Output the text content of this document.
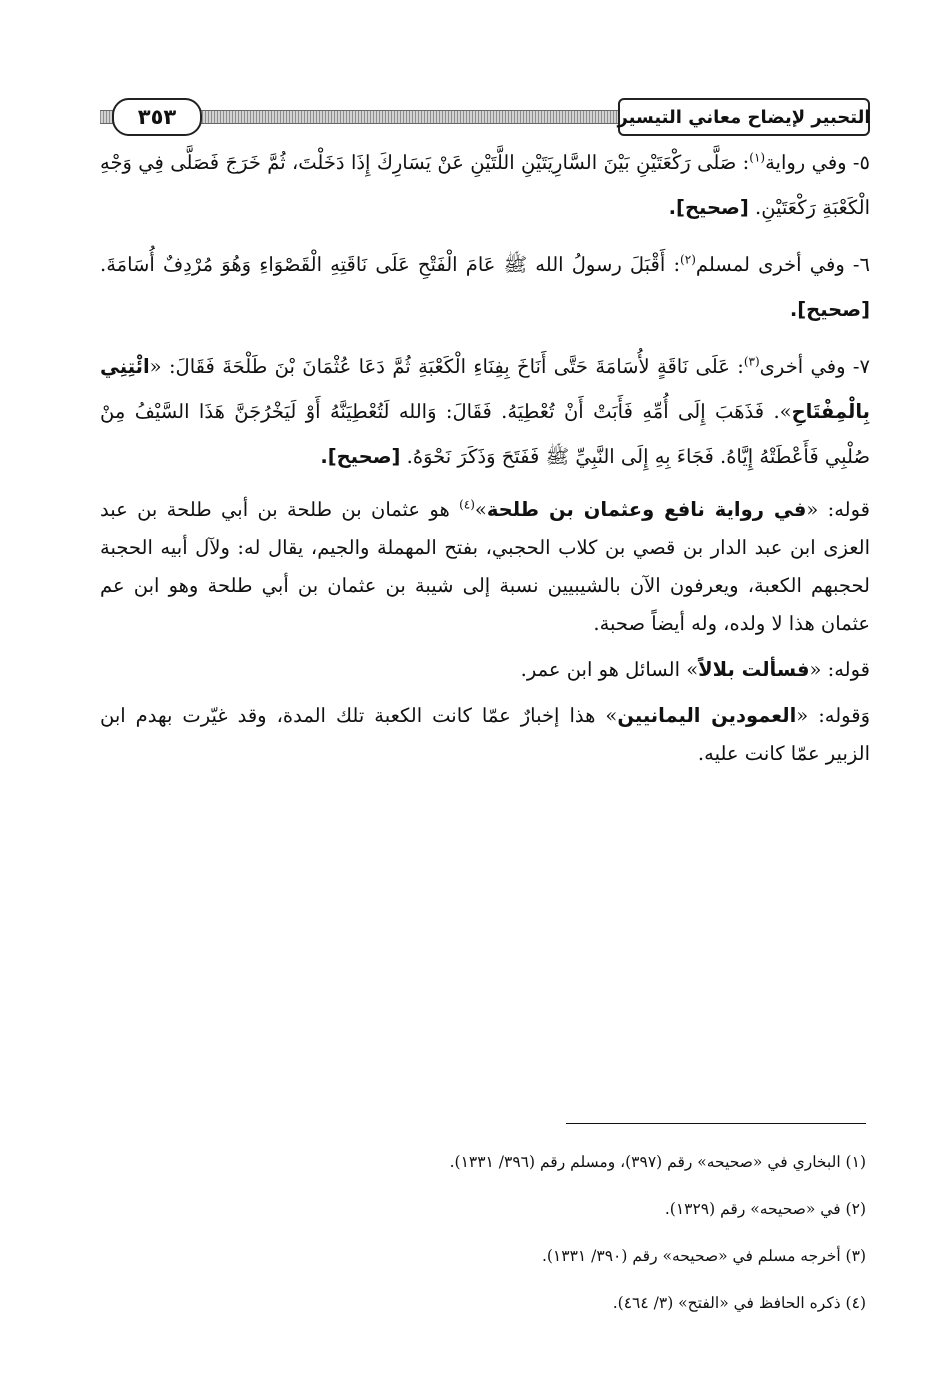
٣٥٣	التحبير لإيضاح معاني التيسير

٥- وفي رواية$^{(١)}$: صَلَّى رَكْعَتَيْنِ بَيْنَ السَّارِيَتَيْنِ اللَّتَيْنِ عَنْ يَسَارِكَ إِذَا دَخَلْتَ، ثُمَّ خَرَجَ فَصَلَّى فِي وَجْهِ الْكَعْبَةِ رَكْعَتَيْنِ. [صحيح].

٦- وفي أخرى لمسلم$^{(٢)}$: أَقْبَلَ رسولُ الله ﷺ عَامَ الْفَتْحِ عَلَى نَاقَتِهِ الْقَصْوَاءِ وَهُوَ مُرْدِفٌ أُسَامَةَ. [صحيح].

٧- وفي أخرى$^{(٣)}$: عَلَى نَاقَةٍ لأُسَامَةَ حَتَّى أَنَاخَ بِفِنَاءِ الْكَعْبَةِ ثُمَّ دَعَا عُثْمَانَ بْنَ طَلْحَةَ فَقَالَ: «ائْتِنِي بِالْمِفْتَاحِ». فَذَهَبَ إِلَى أُمِّهِ فَأَبَتْ أَنْ تُعْطِيَهُ. فَقَالَ: وَالله لَتُعْطِيَنَّهُ أَوْ لَيَخْرُجَنَّ هَذَا السَّيْفُ مِنْ صُلْبِي فَأَعْطَتْهُ إِيَّاهُ. فَجَاءَ بِهِ إِلَى النَّبِيِّ ﷺ فَفَتَحَ وَذَكَرَ نَحْوَهُ. [صحيح].

قوله: «في رواية نافع وعثمان بن طلحة»$^{(٤)}$ هو عثمان بن طلحة بن أبي طلحة بن عبد العزى ابن عبد الدار بن قصي بن كلاب الحجبي، بفتح المهملة والجيم، يقال له: ولآل أبيه الحجبة لحجبهم الكعبة، ويعرفون الآن بالشيبيين نسبة إلى شيبة بن عثمان بن أبي طلحة وهو ابن عم عثمان هذا لا ولده، وله أيضاً صحبة.

قوله: «فسألت بلالاً» السائل هو ابن عمر.

وَقوله: «العمودين اليمانيين» هذا إخبارٌ عمّا كانت الكعبة تلك المدة، وقد غيّرت بهدم ابن الزبير عمّا كانت عليه.

(١) البخاري في «صحيحه» رقم (٣٩٧)، ومسلم رقم (٣٩٦/ ١٣٣١).

(٢) في «صحيحه» رقم (١٣٢٩).

(٣) أخرجه مسلم في «صحيحه» رقم (٣٩٠/ ١٣٣١).

(٤) ذكره الحافظ في «الفتح» (٣/ ٤٦٤).
